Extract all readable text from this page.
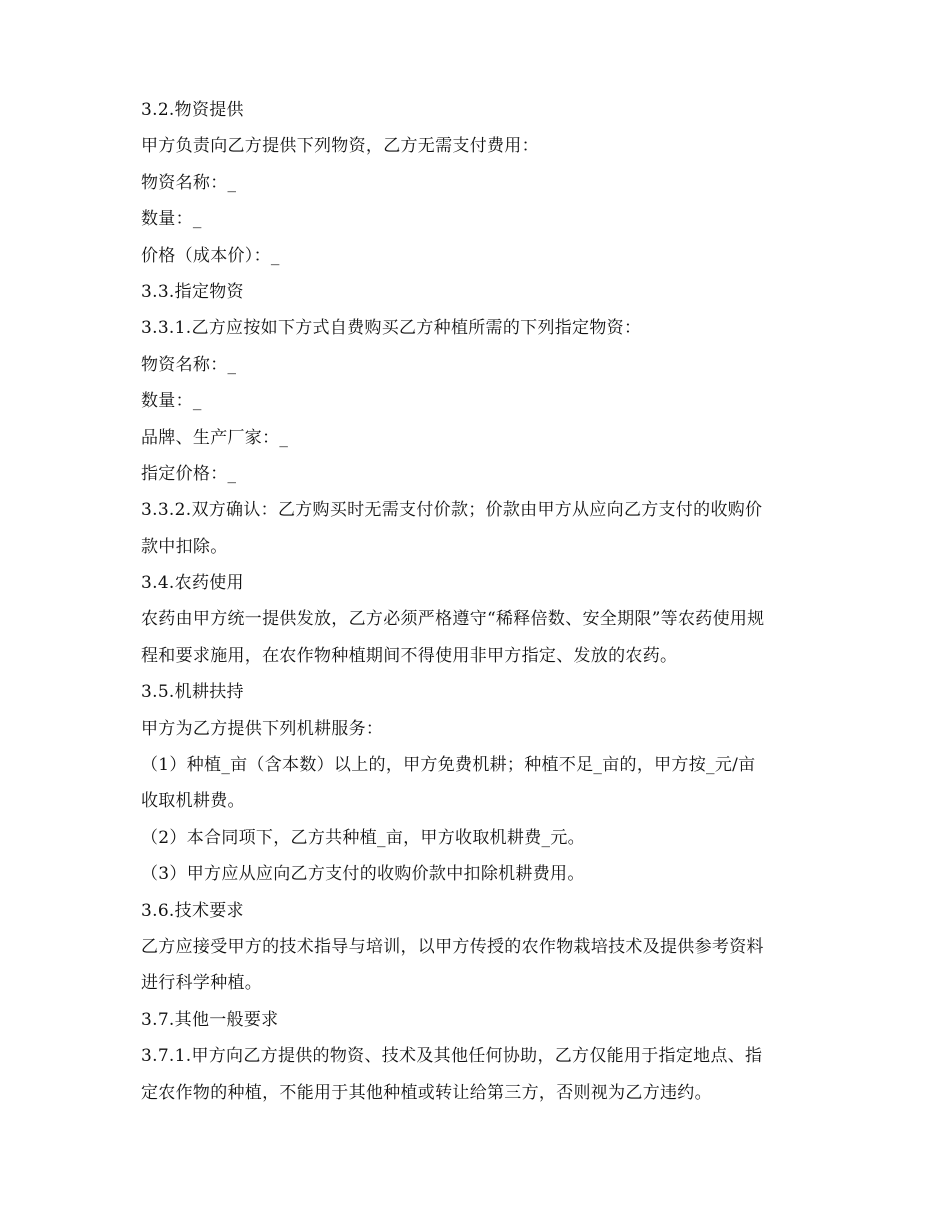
3.2.物资提供
甲方负责向乙方提供下列物资，乙方无需支付费用：
物资名称：_
数量：_
价格（成本价）：_
3.3.指定物资
3.3.1.乙方应按如下方式自费购买乙方种植所需的下列指定物资：
物资名称：_
数量：_
品牌、生产厂家：_
指定价格：_
3.3.2.双方确认：乙方购买时无需支付价款；价款由甲方从应向乙方支付的收购价
款中扣除。
3.4.农药使用
农药由甲方统一提供发放，乙方必须严格遵守“稀释倍数、安全期限”等农药使用规
程和要求施用，在农作物种植期间不得使用非甲方指定、发放的农药。
3.5.机耕扶持
甲方为乙方提供下列机耕服务：
（1）种植_亩（含本数）以上的，甲方免费机耕；种植不足_亩的，甲方按_元/亩
收取机耕费。
（2）本合同项下，乙方共种植_亩，甲方收取机耕费_元。
（3）甲方应从应向乙方支付的收购价款中扣除机耕费用。
3.6.技术要求
乙方应接受甲方的技术指导与培训，以甲方传授的农作物栽培技术及提供参考资料
进行科学种植。
3.7.其他一般要求
3.7.1.甲方向乙方提供的物资、技术及其他任何协助，乙方仅能用于指定地点、指
定农作物的种植，不能用于其他种植或转让给第三方，否则视为乙方违约。
